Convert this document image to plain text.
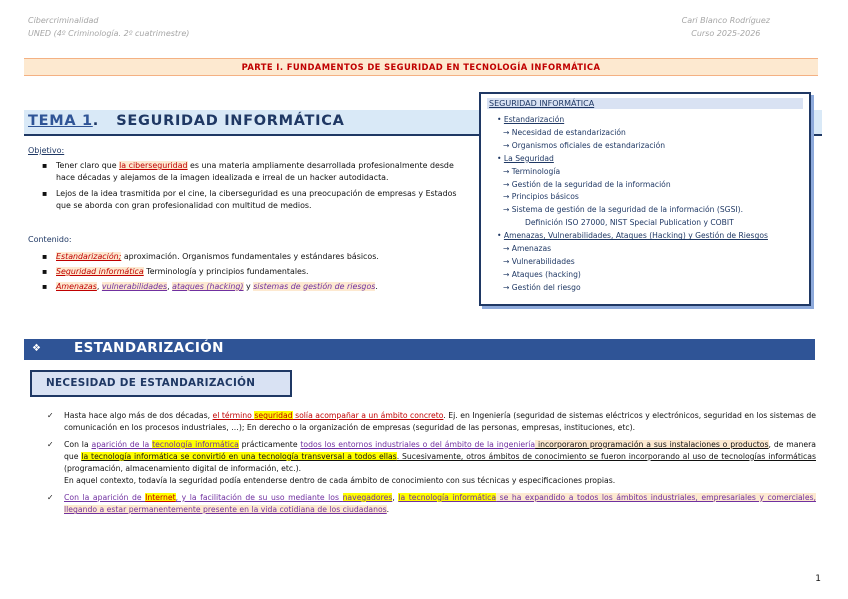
Cibercriminalidad
UNED (4º Criminología. 2º cuatrimestre)
Cari Blanco Rodríguez
Curso 2025-2026
PARTE I. FUNDAMENTOS DE SEGURIDAD EN TECNOLOGÍA INFORMÁTICA
TEMA 1. SEGURIDAD INFORMÁTICA
SEGURIDAD INFORMÁTICA
• Estandarización
→ Necesidad de estandarización
→ Organismos oficiales de estandarización
• La Seguridad
→ Terminología
→ Gestión de la seguridad de la información
→ Principios básicos
→ Sistema de gestión de la seguridad de la información (SGSI).
Definición ISO 27000, NIST Special Publication y COBIT
• Amenazas, Vulnerabilidades, Ataques (Hacking) y Gestión de Riesgos
→ Amenazas
→ Vulnerabilidades
→ Ataques (hacking)
→ Gestión del riesgo
Objetivo:
▪ Tener claro que la ciberseguridad es una materia ampliamente desarrollada profesionalmente desde hace décadas y alejamos de la imagen idealizada e irreal de un hacker autodidacta.
▪ Lejos de la idea trasmitida por el cine, la ciberseguridad es una preocupación de empresas y Estados que se aborda con gran profesionalidad con multitud de medios.
Contenido:
▪ Estandarización; aproximación. Organismos fundamentales y estándares básicos.
▪ Seguridad informática Terminología y principios fundamentales.
▪ Amenazas, vulnerabilidades, ataques (hacking) y sistemas de gestión de riesgos.
❖ ESTANDARIZACIÓN
NECESIDAD DE ESTANDARIZACIÓN
✓ Hasta hace algo más de dos décadas, el término seguridad solía acompañar a un ámbito concreto. Ej. en Ingeniería (seguridad de sistemas eléctricos y electrónicos, seguridad en los sistemas de comunicación en los procesos industriales, …); En derecho o la organización de empresas (seguridad de las personas, empresas, instituciones, etc).
✓ Con la aparición de la tecnología informática prácticamente todos los entornos industriales o del ámbito de la ingeniería incorporaron programación a sus instalaciones o productos, de manera que la tecnología informática se convirtió en una tecnología transversal a todos ellas. Sucesivamente, otros ámbitos de conocimiento se fueron incorporando al uso de tecnologías informáticas (programación, almacenamiento digital de información, etc.).
En aquel contexto, todavía la seguridad podía entenderse dentro de cada ámbito de conocimiento con sus técnicas y especificaciones propias.
✓ Con la aparición de Internet, y la facilitación de su uso mediante los navegadores, la tecnología informática se ha expandido a todos los ámbitos industriales, empresariales y comerciales, llegando a estar permanentemente presente en la vida cotidiana de los ciudadanos.
1
